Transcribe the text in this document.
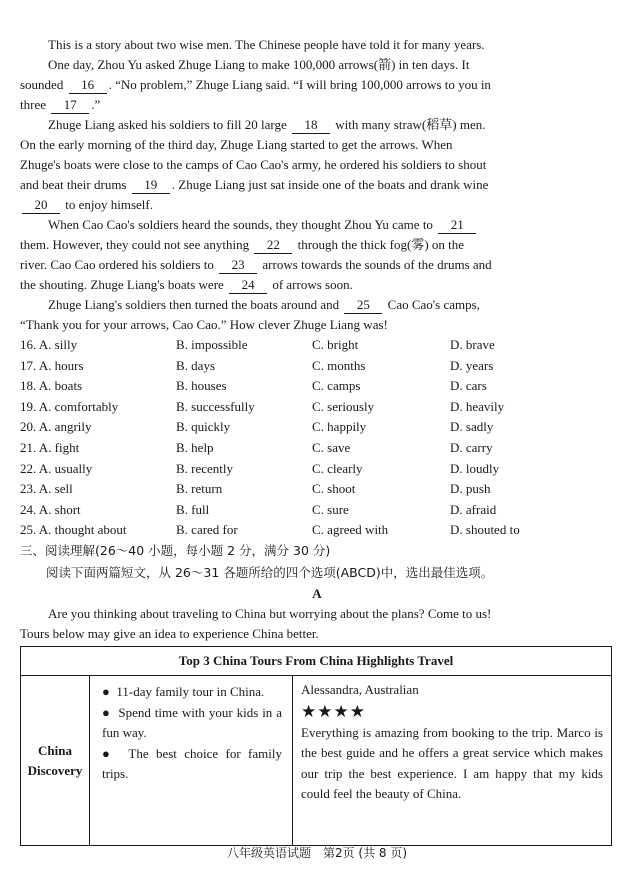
This is a story about two wise men. The Chinese people have told it for many years.
One day, Zhou Yu asked Zhuge Liang to make 100,000 arrows(箭) in ten days. It
sounded 16 . “No problem,” Zhuge Liang said. “I will bring 100,000 arrows to you in
three 17 .”
Zhuge Liang asked his soldiers to fill 20 large 18 with many straw(稻草) men.
On the early morning of the third day, Zhuge Liang started to get the arrows. When
Zhuge's boats were close to the camps of Cao Cao's army, he ordered his soldiers to shout
and beat their drums 19 . Zhuge Liang just sat inside one of the boats and drank wine
20 to enjoy himself.
When Cao Cao's soldiers heard the sounds, they thought Zhou Yu came to 21
them. However, they could not see anything 22 through the thick fog(雾) on the
river. Cao Cao ordered his soldiers to 23 arrows towards the sounds of the drums and
the shouting. Zhuge Liang's boats were 24 of arrows soon.
Zhuge Liang's soldiers then turned the boats around and 25 Cao Cao's camps,
“Thank you for your arrows, Cao Cao.” How clever Zhuge Liang was!
16. A. silly	B. impossible	C. bright	D. brave
17. A. hours	B. days	C. months	D. years
18. A. boats	B. houses	C. camps	D. cars
19. A. comfortably	B. successfully	C. seriously	D. heavily
20. A. angrily	B. quickly	C. happily	D. sadly
21. A. fight	B. help	C. save	D. carry
22. A. usually	B. recently	C. clearly	D. loudly
23. A. sell	B. return	C. shoot	D. push
24. A. short	B. full	C. sure	D. afraid
25. A. thought about	B. cared for	C. agreed with	D. shouted to
三、阅读理解(26～40 小题，每小题 2 分，满分 30 分)
阅读下面两篇短文，从 26～31 各题所给的四个选项(ABCD)中，选出最佳选项。
A
Are you thinking about traveling to China but worrying about the plans? Come to us!
Tours below may give an idea to experience China better.
Top 3 China Tours From China Highlights Travel

China
Discovery

● 11-day family tour in China.
● Spend time with your kids in a fun way.
● The best choice for family trips.

Alessandra, Australian
★★★★
Everything is amazing from booking to the trip. Marco is the best guide and he offers a great service which makes our trip the best experience. I am happy that my kids could feel the beauty of China.
八年级英语试题　第2页 (共 8 页)
